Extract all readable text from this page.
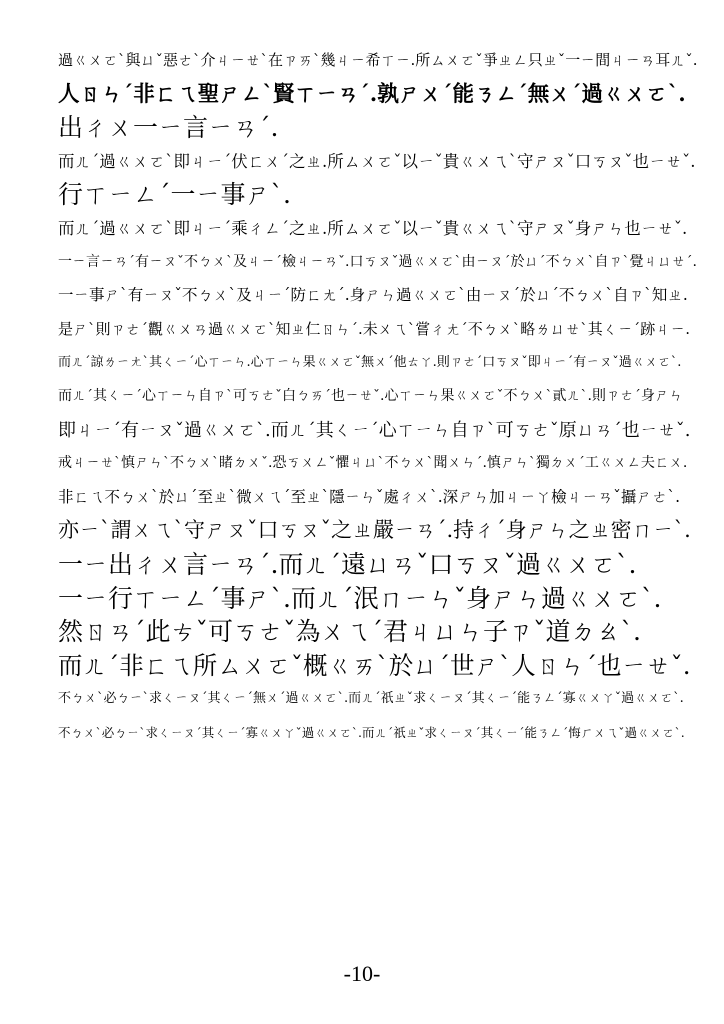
過ㄍㄨㄛˋ與ㄩˇ惡ㄜˋ介ㄐㄧㄝˋ在ㄗㄞˋ幾ㄐㄧ希ㄒㄧ.所ㄙㄨㄛˇ爭ㄓㄥ只ㄓˇ一ㄧ間ㄐㄧㄢ耳ㄦˇ.
人ㄖㄣˊ非ㄈㄟ聖ㄕㄥˋ賢ㄒㄧㄢˊ.孰ㄕㄨˊ能ㄋㄥˊ無ㄨˊ過ㄍㄨㄛˋ.
出ㄔㄨ一ㄧ言ㄧㄢˊ.
而ㄦˊ過ㄍㄨㄛˋ即ㄐㄧˊ伏ㄈㄨˊ之ㄓ.所ㄙㄨㄛˇ以ㄧˇ貴ㄍㄨㄟˋ守ㄕㄡˇ口ㄎㄡˇ也ㄧㄝˇ.
行ㄒㄧㄥˊ一ㄧ事ㄕˋ.
而ㄦˊ過ㄍㄨㄛˋ即ㄐㄧˊ乘ㄔㄥˊ之ㄓ.所ㄙㄨㄛˇ以ㄧˇ貴ㄍㄨㄟˋ守ㄕㄡˇ身ㄕㄣ也ㄧㄝˇ.
一ㄧ言ㄧㄢˊ有ㄧㄡˇ不ㄅㄨˋ及ㄐㄧˊ檢ㄐㄧㄢˇ.口ㄎㄡˇ過ㄍㄨㄛˋ由ㄧㄡˊ於ㄩˊ不ㄅㄨˋ自ㄗˋ覺ㄐㄩㄝˊ.
一ㄧ事ㄕˋ有ㄧㄡˇ不ㄅㄨˋ及ㄐㄧˊ防ㄈㄤˊ.身ㄕㄣ過ㄍㄨㄛˋ由ㄧㄡˊ於ㄩˊ不ㄅㄨˋ自ㄗˋ知ㄓ.
是ㄕˋ則ㄗㄜˊ觀ㄍㄨㄢ過ㄍㄨㄛˋ知ㄓ仁ㄖㄣˊ.未ㄨㄟˋ嘗ㄔㄤˊ不ㄅㄨˋ略ㄌㄩㄝˋ其ㄑㄧˊ跡ㄐㄧ.
而ㄦˊ諒ㄌㄧㄤˋ其ㄑㄧˊ心ㄒㄧㄣ.心ㄒㄧㄣ果ㄍㄨㄛˇ無ㄨˊ他ㄊㄚ.則ㄗㄜˊ口ㄎㄡˇ即ㄐㄧˊ有ㄧㄡˇ過ㄍㄨㄛˋ.
而ㄦˊ其ㄑㄧˊ心ㄒㄧㄣ自ㄗˋ可ㄎㄜˇ白ㄅㄞˊ也ㄧㄝˇ.心ㄒㄧㄣ果ㄍㄨㄛˇ不ㄅㄨˋ貳ㄦˋ.則ㄗㄜˊ身ㄕㄣ
即ㄐㄧˊ有ㄧㄡˇ過ㄍㄨㄛˋ.而ㄦˊ其ㄑㄧˊ心ㄒㄧㄣ自ㄗˋ可ㄎㄜˇ原ㄩㄢˊ也ㄧㄝˇ.
戒ㄐㄧㄝˋ慎ㄕㄣˋ不ㄅㄨˋ睹ㄉㄨˇ.恐ㄎㄨㄥˇ懼ㄐㄩˋ不ㄅㄨˋ聞ㄨㄣˊ.慎ㄕㄣˋ獨ㄉㄨˊ工ㄍㄨㄥ夫ㄈㄨ.
非ㄈㄟ不ㄅㄨˋ於ㄩˊ至ㄓˋ微ㄨㄟˊ至ㄓˋ隱ㄧㄣˇ處ㄔㄨˋ.深ㄕㄣ加ㄐㄧㄚ檢ㄐㄧㄢˇ攝ㄕㄜˋ.
亦ㄧˋ謂ㄨㄟˋ守ㄕㄡˇ口ㄎㄡˇ之ㄓ嚴ㄧㄢˊ.持ㄔˊ身ㄕㄣ之ㄓ密ㄇㄧˋ.
一ㄧ出ㄔㄨ言ㄧㄢˊ.而ㄦˊ遠ㄩㄢˇ口ㄎㄡˇ過ㄍㄨㄛˋ.
一ㄧ行ㄒㄧㄥˊ事ㄕˋ.而ㄦˊ泯ㄇㄧㄣˇ身ㄕㄣ過ㄍㄨㄛˋ.
然ㄖㄢˊ此ㄘˇ可ㄎㄜˇ為ㄨㄟˊ君ㄐㄩㄣ子ㄗˇ道ㄉㄠˋ.
而ㄦˊ非ㄈㄟ所ㄙㄨㄛˇ概ㄍㄞˋ於ㄩˊ世ㄕˋ人ㄖㄣˊ也ㄧㄝˇ.
不ㄅㄨˋ必ㄅㄧˋ求ㄑㄧㄡˊ其ㄑㄧˊ無ㄨˊ過ㄍㄨㄛˋ.而ㄦˊ祇ㄓˇ求ㄑㄧㄡˊ其ㄑㄧˊ能ㄋㄥˊ寡ㄍㄨㄚˇ過ㄍㄨㄛˋ.
不ㄅㄨˋ必ㄅㄧˋ求ㄑㄧㄡˊ其ㄑㄧˊ寡ㄍㄨㄚˇ過ㄍㄨㄛˋ.而ㄦˊ祇ㄓˇ求ㄑㄧㄡˊ其ㄑㄧˊ能ㄋㄥˊ悔ㄏㄨㄟˇ過ㄍㄨㄛˋ.
-10-
